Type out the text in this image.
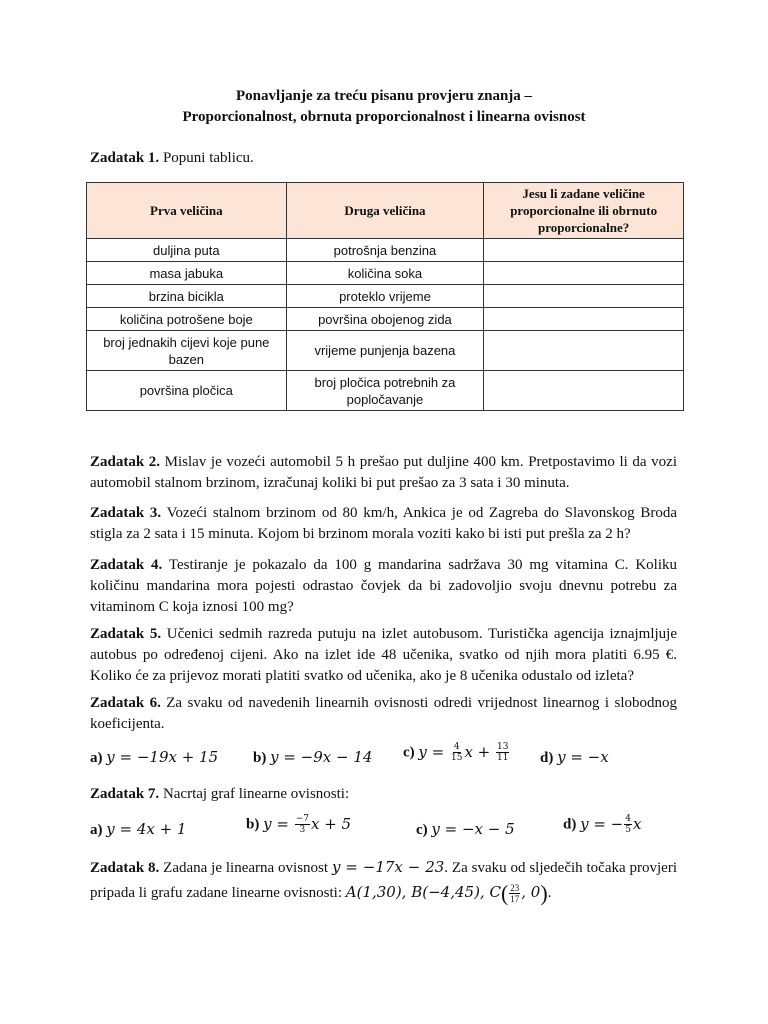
Ponavljanje za treću pisanu provjeru znanja –
Proporcionalnost, obrnuta proporcionalnost i linearna ovisnost
Zadatak 1. Popuni tablicu.
Prva veličina	Druga veličina	Jesu li zadane veličine proporcionalne ili obrnuto proporcionalne?
duljina puta	potrošnja benzina	
masa jabuka	količina soka	
brzina bicikla	proteklo vrijeme	
količina potrošene boje	površina obojenog zida	
broj jednakih cijevi koje pune bazen	vrijeme punjenja bazena	
površina pločica	broj pločica potrebnih za popločavanje	
Zadatak 2. Mislav je vozeći automobil 5 h prešao put duljine 400 km. Pretpostavimo li da vozi automobil stalnom brzinom, izračunaj koliki bi put prešao za 3 sata i 30 minuta.
Zadatak 3. Vozeći stalnom brzinom od 80 km/h, Ankica je od Zagreba do Slavonskog Broda stigla za 2 sata i 15 minuta. Kojom bi brzinom morala voziti kako bi isti put prešla za 2 h?
Zadatak 4. Testiranje je pokazalo da 100 g mandarina sadržava 30 mg vitamina C. Koliku količinu mandarina mora pojesti odrastao čovjek da bi zadovoljio svoju dnevnu potrebu za vitaminom C koja iznosi 100 mg?
Zadatak 5. Učenici sedmih razreda putuju na izlet autobusom. Turistička agencija iznajmljuje autobus po određenoj cijeni. Ako na izlet ide 48 učenika, svatko od njih mora platiti 6.95 €. Koliko će za prijevoz morati platiti svatko od učenika, ako je 8 učenika odustalo od izleta?
Zadatak 6. Za svaku od navedenih linearnih ovisnosti odredi vrijednost linearnog i slobodnog koeficijenta.
a) y = −19x + 15 b) y = −9x − 14 c) $y = \frac{4}{15}$ $x + \frac{13}{11} d$) y = −x
Zadatak 7. Nacrtaj graf linearne ovisnosti:
a) y = 4x + 1	b) $y = \frac{-7}{3}$ x + 5	c) y = −x − 5	d) y = − $\frac{4}{5}$ x
Zadatak 8. Zadana je linearna ovisnost y = −17x − 23. Za svaku od sljedečih točaka provjeri pripada li grafu zadane linearne ovisnosti: A(1,30), B(−4,45), $C( \frac{23}{17}$ , 0).
